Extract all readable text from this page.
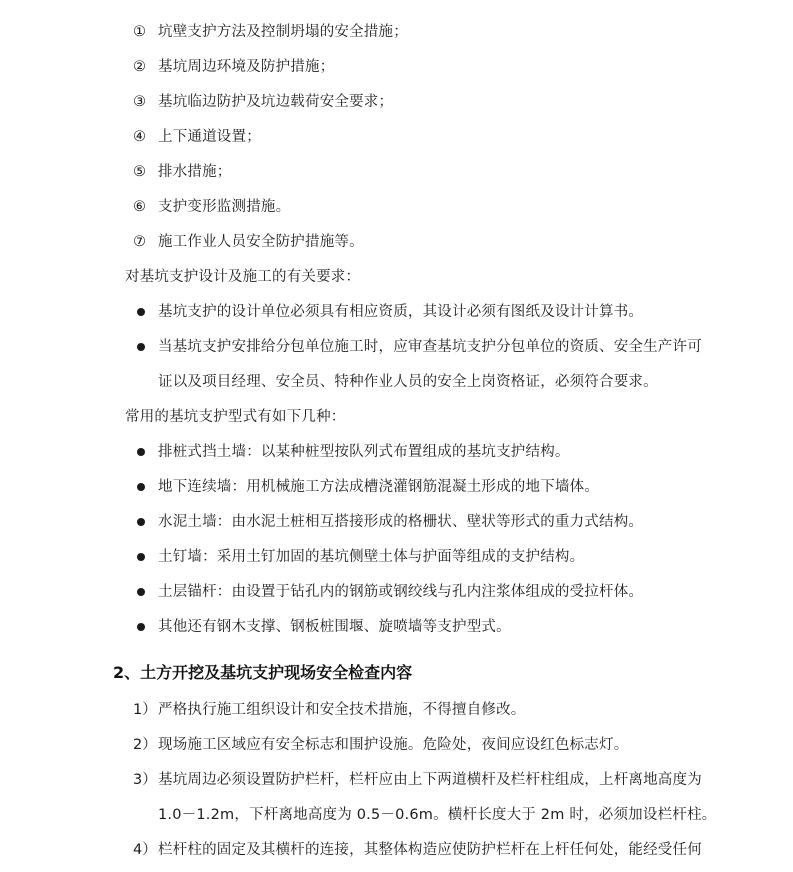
① 坑壁支护方法及控制坍塌的安全措施；
② 基坑周边环境及防护措施；
③ 基坑临边防护及坑边载荷安全要求；
④ 上下通道设置；
⑤ 排水措施；
⑥ 支护变形监测措施。
⑦ 施工作业人员安全防护措施等。
对基坑支护设计及施工的有关要求：
基坑支护的设计单位必须具有相应资质，其设计必须有图纸及设计计算书。
当基坑支护安排给分包单位施工时，应审查基坑支护分包单位的资质、安全生产许可
证以及项目经理、安全员、特种作业人员的安全上岗资格证，必须符合要求。
常用的基坑支护型式有如下几种：
排桩式挡土墙：以某种桩型按队列式布置组成的基坑支护结构。
地下连续墙：用机械施工方法成槽浇灌钢筋混凝土形成的地下墙体。
水泥土墙：由水泥土桩相互搭接形成的格栅状、壁状等形式的重力式结构。
土钉墙：采用土钉加固的基坑侧壁土体与护面等组成的支护结构。
土层锚杆：由设置于钻孔内的钢筋或钢绞线与孔内注浆体组成的受拉杆体。
其他还有钢木支撑、钢板桩围堰、旋喷墙等支护型式。
2、土方开挖及基坑支护现场安全检查内容
1） 严格执行施工组织设计和安全技术措施，不得擅自修改。
2） 现场施工区域应有安全标志和围护设施。危险处，夜间应设红色标志灯。
3） 基坑周边必须设置防护栏杆，栏杆应由上下两道横杆及栏杆柱组成，上杆离地高度为
1.0－1.2m，下杆离地高度为 0.5－0.6m。横杆长度大于 2m 时，必须加设栏杆柱。
4） 栏杆柱的固定及其横杆的连接，其整体构造应使防护栏杆在上杆任何处，能经受任何
